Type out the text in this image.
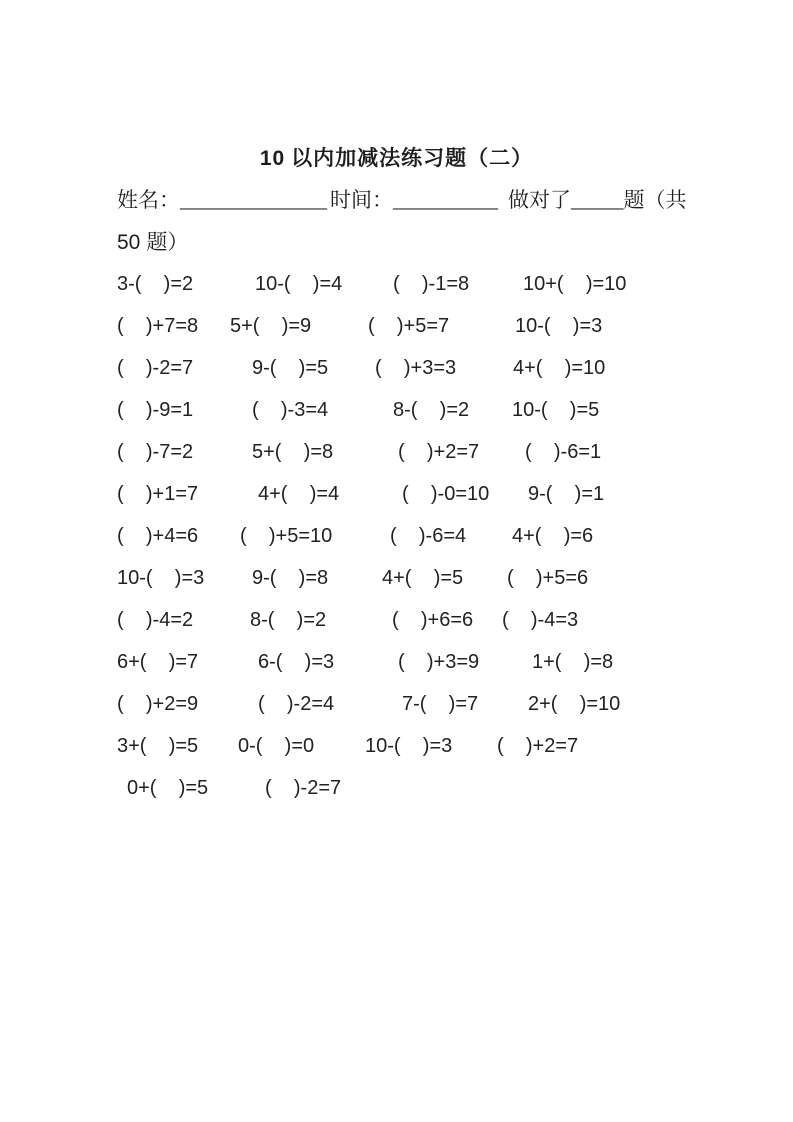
10 以内加减法练习题（二）
姓名：______________ 时间：__________ 做对了_____题（共
50 题）
3-(    )=2	10-(    )=4	(    )-1=8	10+(    )=10
(    )+7=8 5+(    )=9	(    )+5=7	10-(    )=3
(    )-2=7	9-(    )=5 (    )+3=3	4+(    )=10
(    )-9=1	(    )-3=4	8-(    )=2 10-(    )=5
(    )-7=2	5+(    )=8	(    )+2=7 (    )-6=1
(    )+1=7	4+(    )=4	(    )-0=10 9-(    )=1
(    )+4=6 (    )+5=10	(    )-6=4 4+(    )=6
10-(    )=3 9-(    )=8	4+(    )=5 (    )+5=6
(    )-4=2	8-(    )=2	(    )+6=6 (    )-4=3
6+(    )=7	6-(    )=3	(    )+3=9	1+(    )=8
(    )+2=9	(    )-2=4	7-(    )=7 2+(    )=10
3+(    )=5 0-(    )=0	10-(    )=3 (    )+2=7
0+(    )=5	(    )-2=7
